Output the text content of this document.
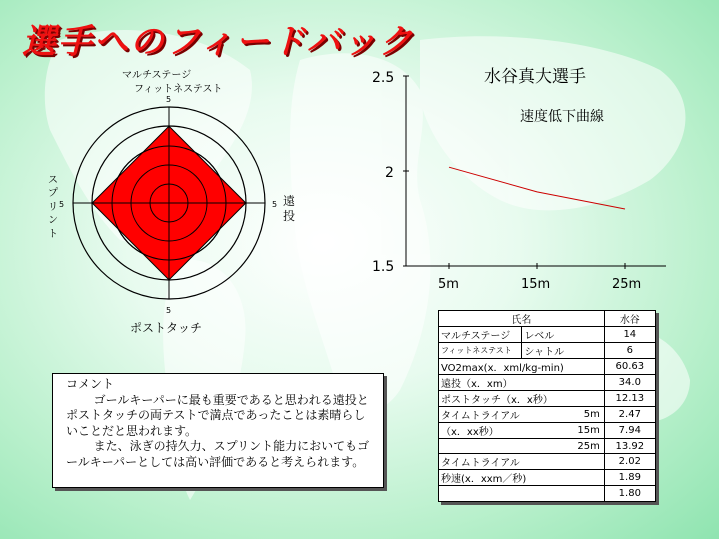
選手へのフィードバック
マルチステージ
フィットネステスト
5
5 遠
投
5
ポストタッチ
5
ス
プ
リ
ン
ト
水谷真大選手
速度低下曲線
2.5
2
1.5
5m	15m	25m
コメント

ゴールキーパーに最も重要であると思われる遠投とポストタッチの両テストで満点であったことは素晴らしいことだと思われます。

また、泳ぎの持久力、スプリント能力においてもゴールキーパーとしては高い評価であると考えられます。

氏名		水谷
マルチステージ	レベル	14
フィットネステスト	シャトル	6
VO2max(x．xml/kg-min)		60.63
遠投（x．xm）		34.0
ポストタッチ（x．x秒）		12.13
タイムトライアル	5m	2.47
（x．xx秒）	15m	7.94
	25m	13.92
タイムトライアル		2.02
秒速(x．xxm／秒)		1.89
		1.80
